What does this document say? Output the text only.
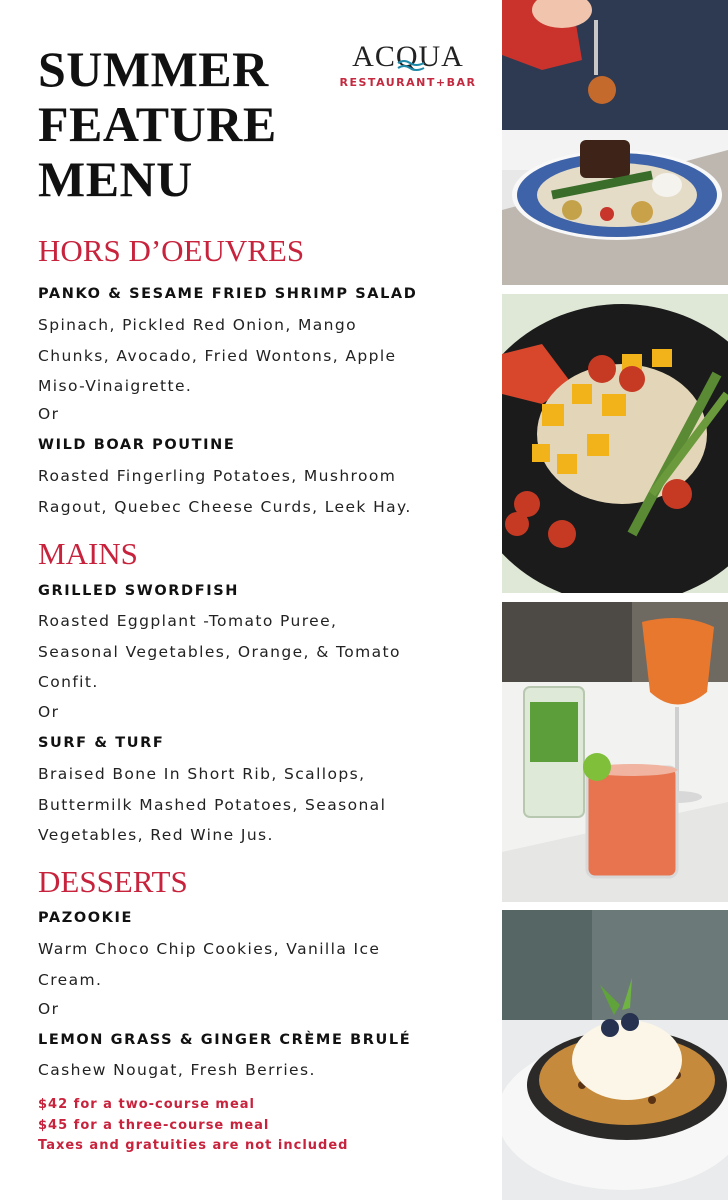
SUMMER
FEATURE
MENU
ACQUA
RESTAURANT+BAR
HORS D’OEUVRES
PANKO & SESAME FRIED SHRIMP SALAD
Spinach, Pickled Red Onion, Mango
Chunks, Avocado, Fried Wontons, Apple
Miso-Vinaigrette.
Or
WILD BOAR POUTINE
Roasted Fingerling Potatoes, Mushroom
Ragout, Quebec Cheese Curds, Leek Hay.
MAINS
GRILLED SWORDFISH
Roasted Eggplant -Tomato Puree,
Seasonal Vegetables, Orange, & Tomato
Confit.
Or
SURF & TURF
Braised Bone In Short Rib, Scallops,
Buttermilk Mashed Potatoes, Seasonal
Vegetables, Red Wine Jus.
DESSERTS
PAZOOKIE
Warm Choco Chip Cookies, Vanilla Ice
Cream.
Or
LEMON GRASS & GINGER CRÈME BRULÉ
Cashew Nougat, Fresh Berries.
$42 for a two-course meal
$45 for a three-course meal
Taxes and gratuities are not included
